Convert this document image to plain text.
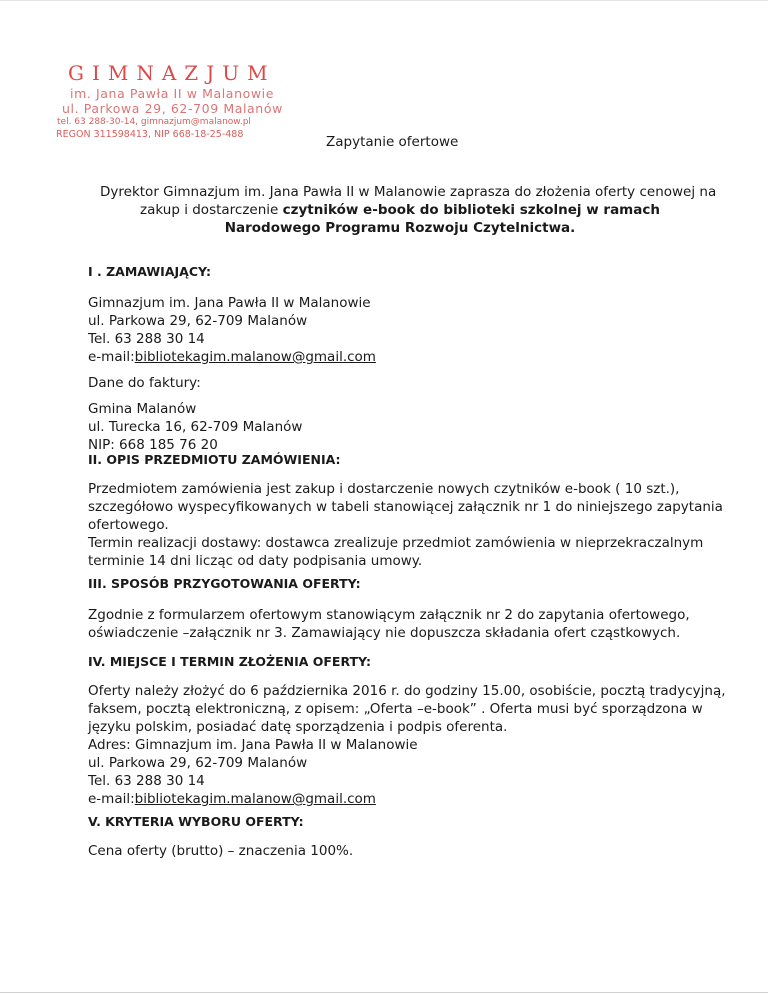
GIMNAZJUM
im. Jana Pawła II w Malanowie
ul. Parkowa 29, 62-709 Malanów
tel. 63 288-30-14, gimnazjum@malanow.pl
REGON 311598413, NIP 668-18-25-488	Zapytanie ofertowe
Dyrektor Gimnazjum im. Jana Pawła II w Malanowie zaprasza do złożenia oferty cenowej na
zakup i dostarczenie czytników e-book do biblioteki szkolnej w ramach
Narodowego Programu Rozwoju Czytelnictwa.
I . ZAMAWIAJĄCY:
Gimnazjum im. Jana Pawła II w Malanowie
ul. Parkowa 29, 62-709 Malanów
Tel. 63 288 30 14
e-mail:bibliotekagim.malanow@gmail.com
Dane do faktury:
Gmina Malanów
ul. Turecka 16, 62-709 Malanów
NIP: 668 185 76 20
II. OPIS PRZEDMIOTU ZAMÓWIENIA:
Przedmiotem zamówienia jest zakup i dostarczenie nowych czytników e-book ( 10 szt.),
szczegółowo wyspecyfikowanych w tabeli stanowiącej załącznik nr 1 do niniejszego zapytania
ofertowego.
Termin realizacji dostawy: dostawca zrealizuje przedmiot zamówienia w nieprzekraczalnym
terminie 14 dni licząc od daty podpisania umowy.
III. SPOSÓB PRZYGOTOWANIA OFERTY:
Zgodnie z formularzem ofertowym stanowiącym załącznik nr 2 do zapytania ofertowego,
oświadczenie –załącznik nr 3. Zamawiający nie dopuszcza składania ofert cząstkowych.
IV. MIEJSCE I TERMIN ZŁOŻENIA OFERTY:
Oferty należy złożyć do 6 października 2016 r. do godziny 15.00, osobiście, pocztą tradycyjną,
faksem, pocztą elektroniczną, z opisem: „Oferta –e-book” . Oferta musi być sporządzona w
języku polskim, posiadać datę sporządzenia i podpis oferenta.
Adres: Gimnazjum im. Jana Pawła II w Malanowie
ul. Parkowa 29, 62-709 Malanów
Tel. 63 288 30 14
e-mail:bibliotekagim.malanow@gmail.com
V. KRYTERIA WYBORU OFERTY:
Cena oferty (brutto) – znaczenia 100%.
